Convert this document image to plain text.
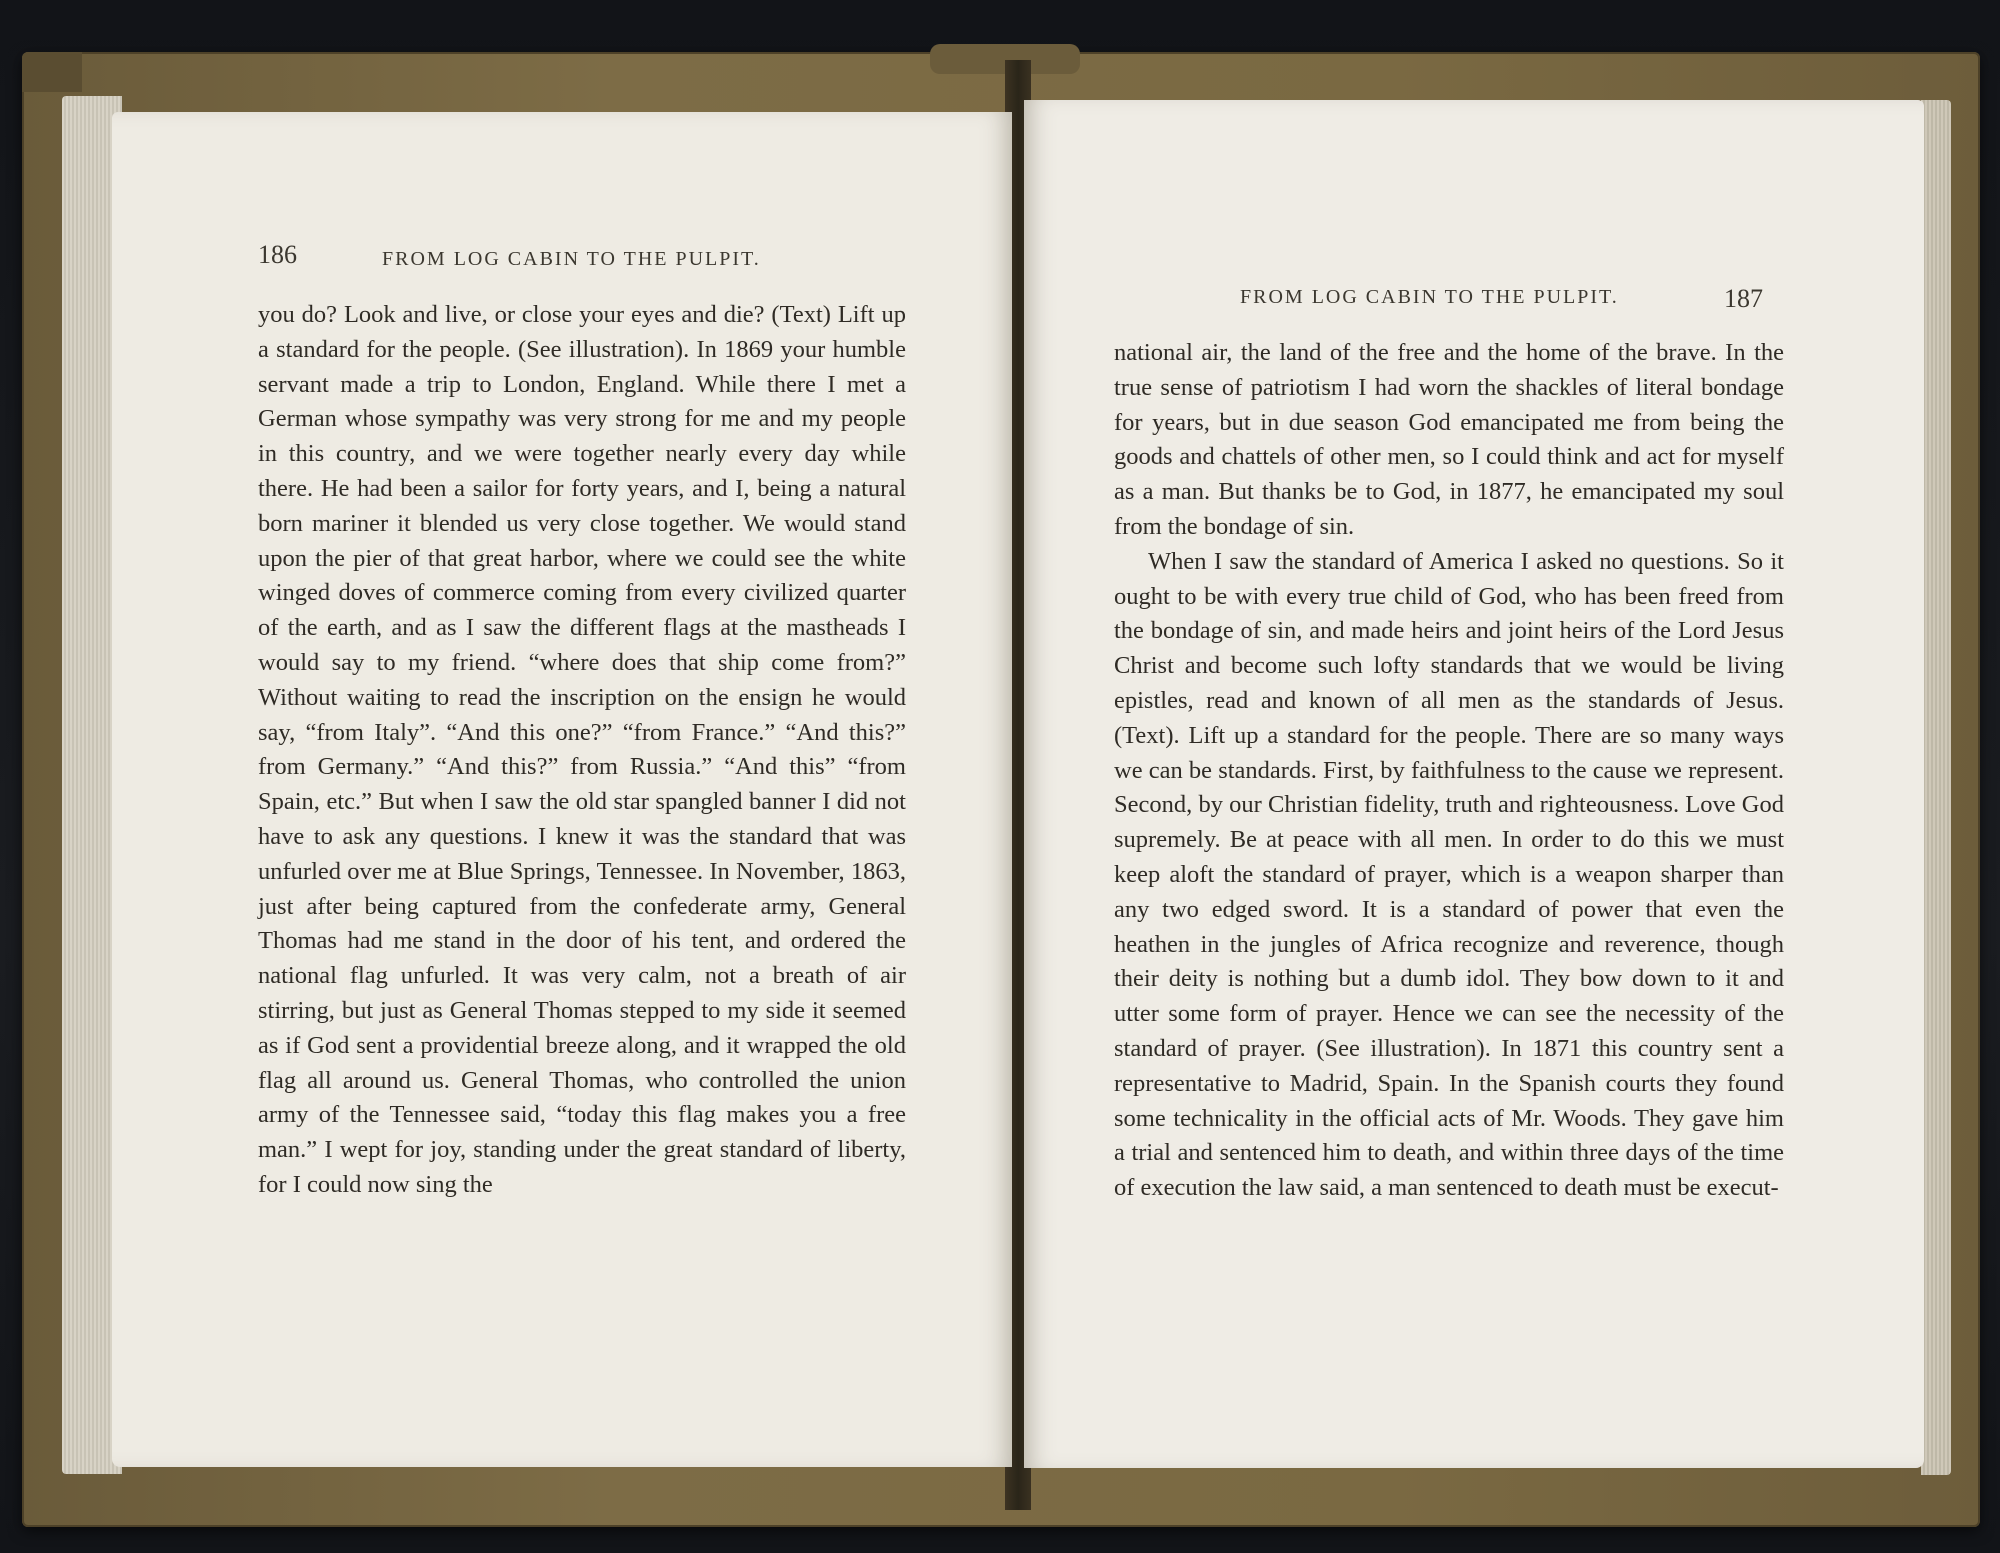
186	FROM LOG CABIN TO THE PULPIT.

you do? Look and live, or close your eyes and die? (Text) Lift up a standard for the people. (See illustration). In 1869 your humble servant made a trip to London, England. While there I met a German whose sympathy was very strong for me and my people in this country, and we were together nearly every day while there. He had been a sailor for forty years, and I, being a natural born mariner it blended us very close together. We would stand upon the pier of that great harbor, where we could see the white winged doves of commerce coming from every civilized quarter of the earth, and as I saw the different flags at the mastheads I would say to my friend. “where does that ship come from?” Without waiting to read the inscription on the ensign he would say, “from Italy”. “And this one?” “from France.” “And this?” from Germany.” “And this?” from Russia.” “And this” “from Spain, etc.” But when I saw the old star spangled banner I did not have to ask any questions. I knew it was the standard that was unfurled over me at Blue Springs, Tennessee. In November, 1863, just after being captured from the confederate army, General Thomas had me stand in the door of his tent, and ordered the national flag unfurled. It was very calm, not a breath of air stirring, but just as General Thomas stepped to my side it seemed as if God sent a providential breeze along, and it wrapped the old flag all around us. General Thomas, who controlled the union army of the Tennessee said, “today this flag makes you a free man.” I wept for joy, standing under the great standard of liberty, for I could now sing the

FROM LOG CABIN TO THE PULPIT.	187

national air, the land of the free and the home of the brave. In the true sense of patriotism I had worn the shackles of literal bondage for years, but in due season God emancipated me from being the goods and chattels of other men, so I could think and act for myself as a man. But thanks be to God, in 1877, he emancipated my soul from the bondage of sin.

When I saw the standard of America I asked no questions. So it ought to be with every true child of God, who has been freed from the bondage of sin, and made heirs and joint heirs of the Lord Jesus Christ and become such lofty standards that we would be living epistles, read and known of all men as the standards of Jesus. (Text). Lift up a standard for the people. There are so many ways we can be standards. First, by faithfulness to the cause we represent. Second, by our Christian fidelity, truth and righteousness. Love God supremely. Be at peace with all men. In order to do this we must keep aloft the standard of prayer, which is a weapon sharper than any two edged sword. It is a standard of power that even the heathen in the jungles of Africa recognize and reverence, though their deity is nothing but a dumb idol. They bow down to it and utter some form of prayer. Hence we can see the necessity of the standard of prayer. (See illustration). In 1871 this country sent a representative to Madrid, Spain. In the Spanish courts they found some technicality in the official acts of Mr. Woods. They gave him a trial and sentenced him to death, and within three days of the time of execution the law said, a man sentenced to death must be execut-
